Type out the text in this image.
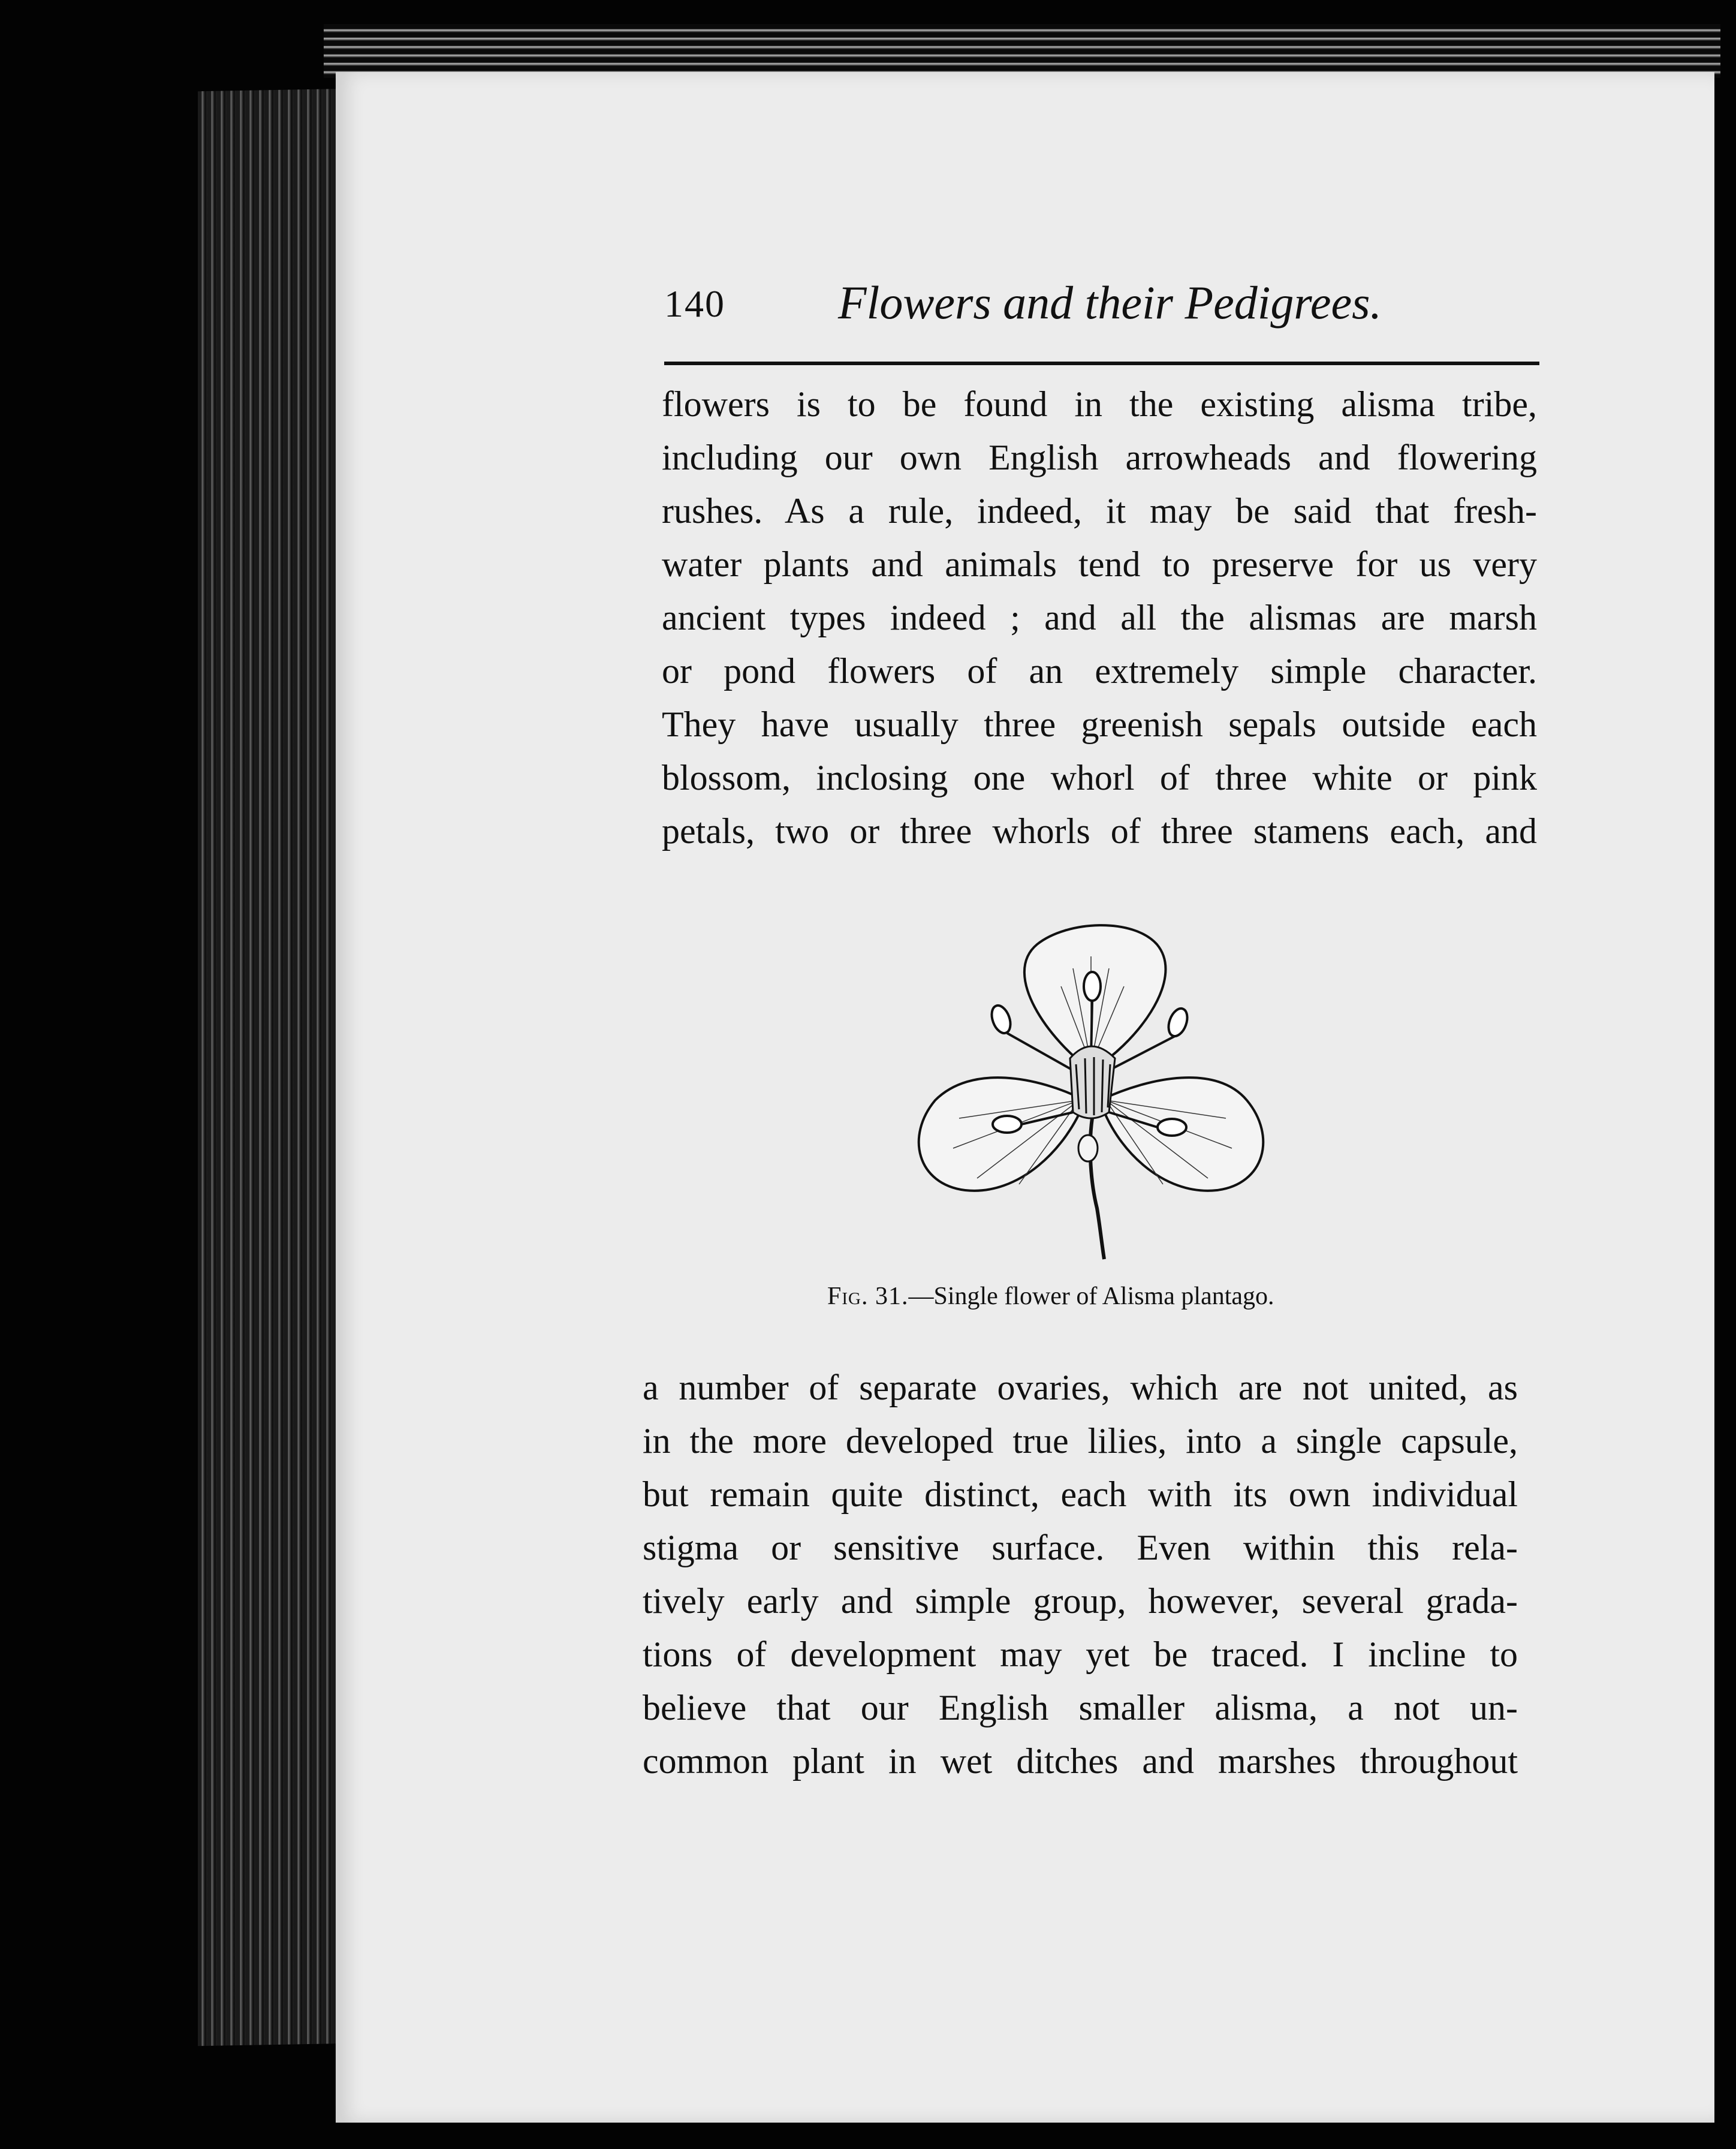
140 Flowers and their Pedigrees.
flowers is to be found in the existing alisma tribe,
including our own English arrowheads and flowering
rushes. As a rule, indeed, it may be said that fresh-
water plants and animals tend to preserve for us very
ancient types indeed ; and all the alismas are marsh
or pond flowers of an extremely simple character.
They have usually three greenish sepals outside each
blossom, inclosing one whorl of three white or pink
petals, two or three whorls of three stamens each, and
Fig. 31.—Single flower of Alisma plantago.
a number of separate ovaries, which are not united, as
in the more developed true lilies, into a single capsule,
but remain quite distinct, each with its own individual
stigma or sensitive surface. Even within this rela-
tively early and simple group, however, several grada-
tions of development may yet be traced. I incline to
believe that our English smaller alisma, a not un-
common plant in wet ditches and marshes throughout
